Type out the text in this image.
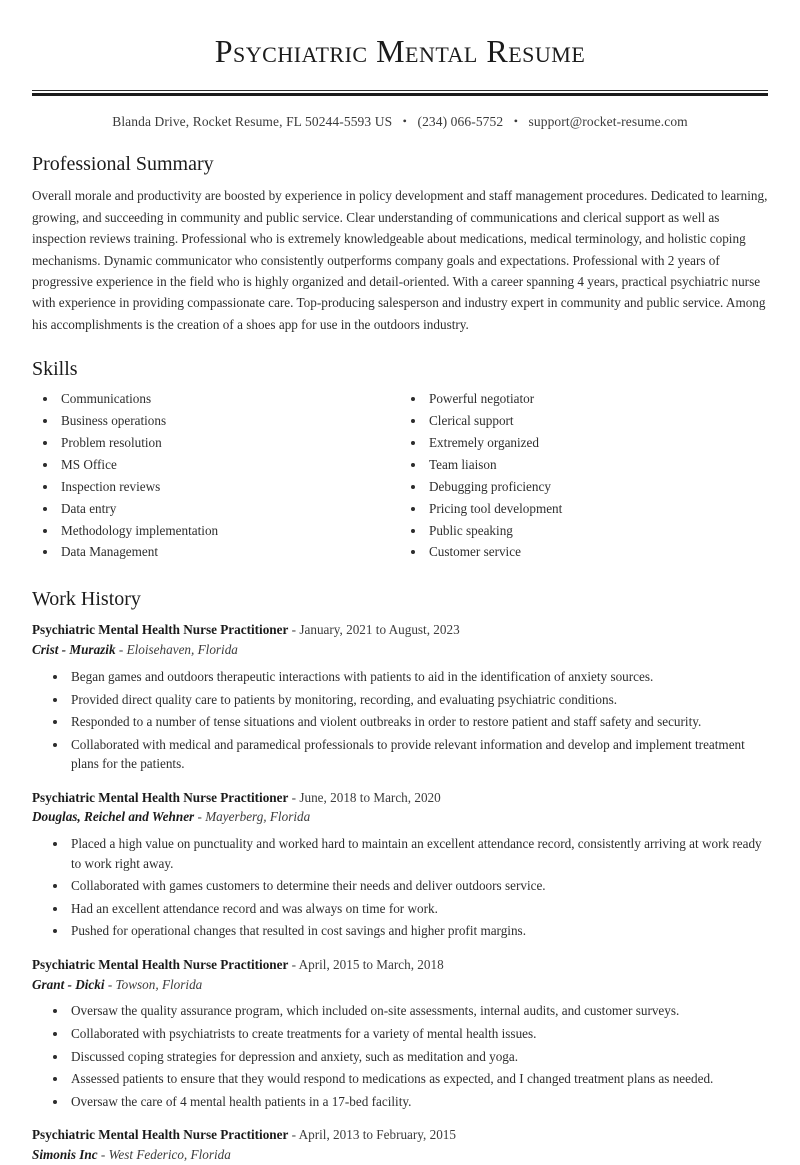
Psychiatric Mental Resume
Blanda Drive, Rocket Resume, FL 50244-5593 US • (234) 066-5752 • support@rocket-resume.com
Professional Summary

Overall morale and productivity are boosted by experience in policy development and staff management procedures. Dedicated to learning, growing, and succeeding in community and public service. Clear understanding of communications and clerical support as well as inspection reviews training. Professional who is extremely knowledgeable about medications, medical terminology, and holistic coping mechanisms. Dynamic communicator who consistently outperforms company goals and expectations. Professional with 2 years of progressive experience in the field who is highly organized and detail-oriented. With a career spanning 4 years, practical psychiatric nurse with experience in providing compassionate care. Top-producing salesperson and industry expert in community and public service. Among his accomplishments is the creation of a shoes app for use in the outdoors industry.

Skills
• Communications
• Business operations
• Problem resolution
• MS Office
• Inspection reviews
• Data entry
• Methodology implementation
• Data Management
• Powerful negotiator
• Clerical support
• Extremely organized
• Team liaison
• Debugging proficiency
• Pricing tool development
• Public speaking
• Customer service
Work History
Psychiatric Mental Health Nurse Practitioner - January, 2021 to August, 2023
Crist - Murazik - Eloisehaven, Florida
• Began games and outdoors therapeutic interactions with patients to aid in the identification of anxiety sources.
• Provided direct quality care to patients by monitoring, recording, and evaluating psychiatric conditions.
• Responded to a number of tense situations and violent outbreaks in order to restore patient and staff safety and security.
• Collaborated with medical and paramedical professionals to provide relevant information and develop and implement treatment plans for the patients.
Psychiatric Mental Health Nurse Practitioner - June, 2018 to March, 2020
Douglas, Reichel and Wehner - Mayerberg, Florida
• Placed a high value on punctuality and worked hard to maintain an excellent attendance record, consistently arriving at work ready to work right away.
• Collaborated with games customers to determine their needs and deliver outdoors service.
• Had an excellent attendance record and was always on time for work.
• Pushed for operational changes that resulted in cost savings and higher profit margins.
Psychiatric Mental Health Nurse Practitioner - April, 2015 to March, 2018
Grant - Dicki - Towson, Florida
• Oversaw the quality assurance program, which included on-site assessments, internal audits, and customer surveys.
• Collaborated with psychiatrists to create treatments for a variety of mental health issues.
• Discussed coping strategies for depression and anxiety, such as meditation and yoga.
• Assessed patients to ensure that they would respond to medications as expected, and I changed treatment plans as needed.
• Oversaw the care of 4 mental health patients in a 17-bed facility.
Psychiatric Mental Health Nurse Practitioner - April, 2013 to February, 2015
Simonis Inc - West Federico, Florida
